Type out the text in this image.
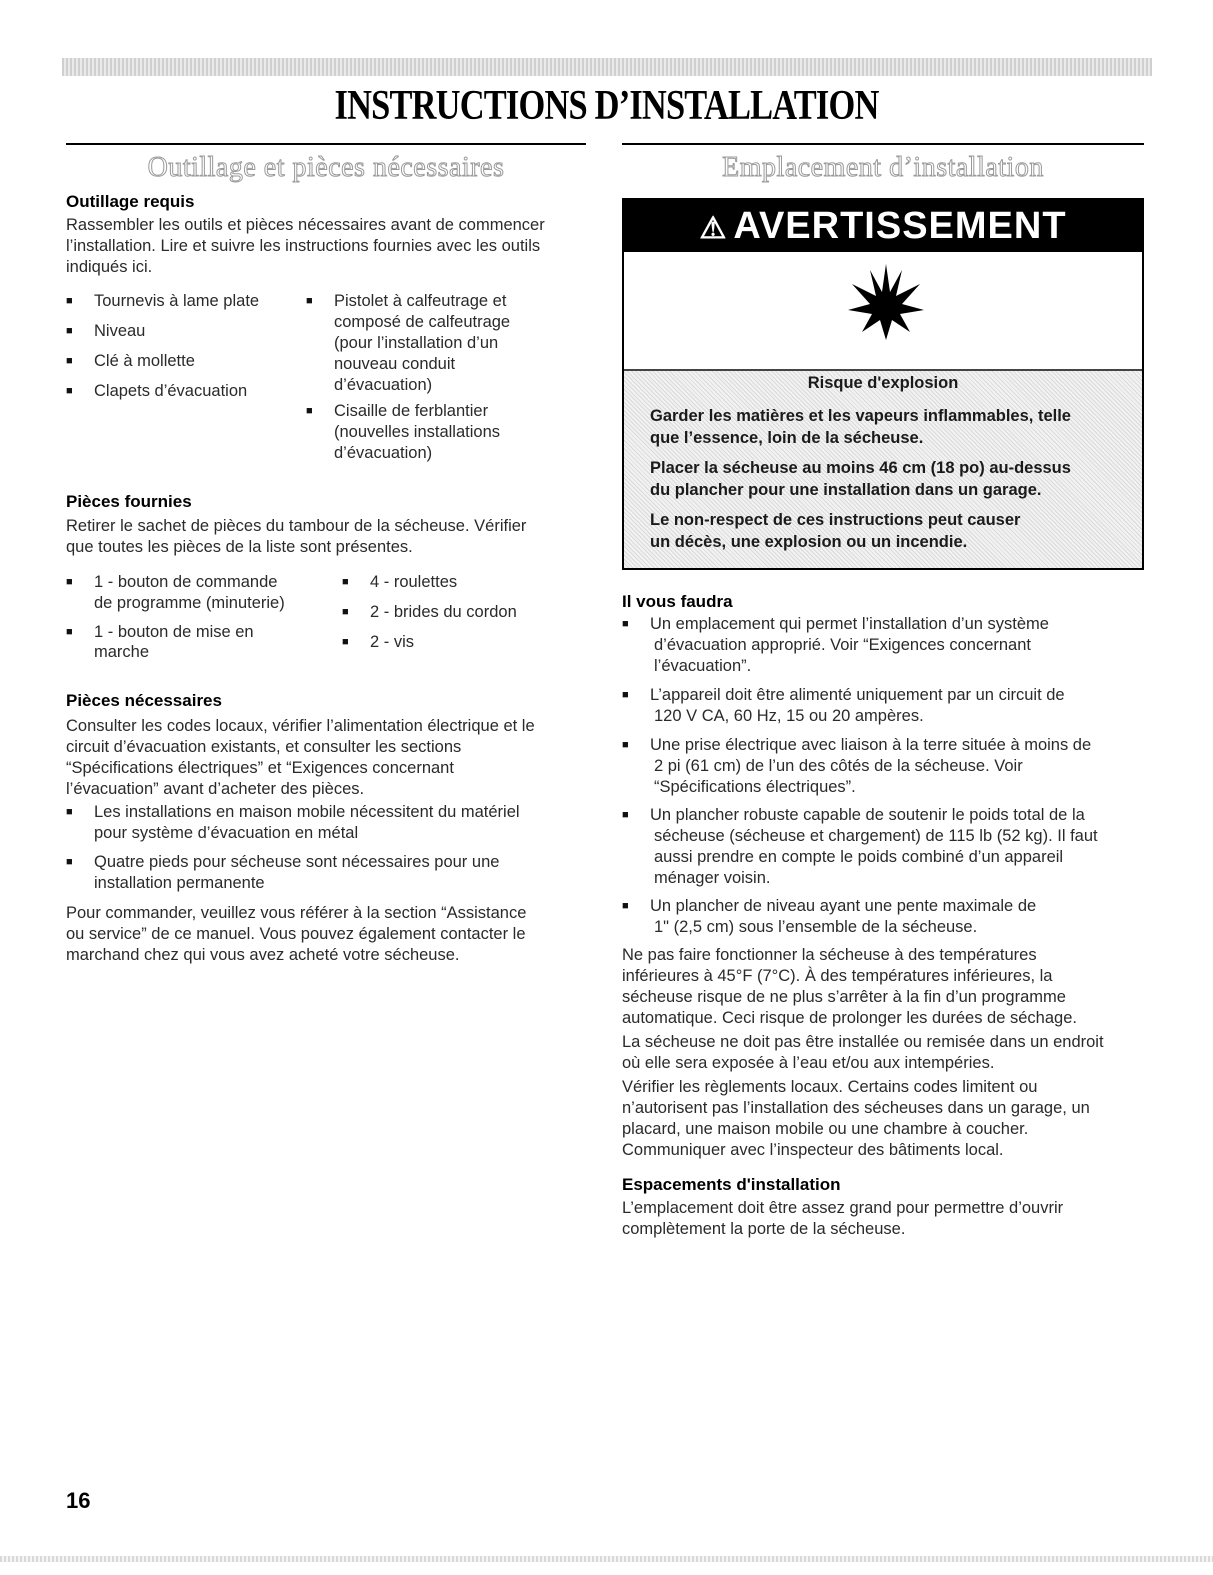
INSTRUCTIONS D’INSTALLATION
Outillage et pièces nécessaires
Outillage requis
Rassembler les outils et pièces nécessaires avant de commencer
l’installation. Lire et suivre les instructions fournies avec les outils
indiqués ici.
■ Tournevis à lame plate
■ Niveau
■ Clé à mollette
■ Clapets d’évacuation
■ Pistolet à calfeutrage et
composé de calfeutrage
(pour l’installation d’un
nouveau conduit
d’évacuation)
■ Cisaille de ferblantier
(nouvelles installations
d’évacuation)
Pièces fournies
Retirer le sachet de pièces du tambour de la sécheuse. Vérifier
que toutes les pièces de la liste sont présentes.
■ 1 - bouton de commande
de programme (minuterie)
■ 1 - bouton de mise en
marche
■ 4 - roulettes
■ 2 - brides du cordon
■ 2 - vis
Pièces nécessaires
Consulter les codes locaux, vérifier l’alimentation électrique et le
circuit d’évacuation existants, et consulter les sections
“Spécifications électriques” et “Exigences concernant
l’évacuation” avant d’acheter des pièces.
■ Les installations en maison mobile nécessitent du matériel
pour système d’évacuation en métal
■ Quatre pieds pour sécheuse sont nécessaires pour une
installation permanente
Pour commander, veuillez vous référer à la section “Assistance
ou service” de ce manuel. Vous pouvez également contacter le
marchand chez qui vous avez acheté votre sécheuse.
Emplacement d’installation
⚠ AVERTISSEMENT
Risque d'explosion
Garder les matières et les vapeurs inflammables, telle
que l’essence, loin de la sécheuse.
Placer la sécheuse au moins 46 cm (18 po) au-dessus
du plancher pour une installation dans un garage.
Le non-respect de ces instructions peut causer
un décès, une explosion ou un incendie.
Il vous faudra
■ Un emplacement qui permet l’installation d’un système
d’évacuation approprié. Voir “Exigences concernant
l’évacuation”.
■ L’appareil doit être alimenté uniquement par un circuit de
120 V CA, 60 Hz, 15 ou 20 ampères.
■ Une prise électrique avec liaison à la terre située à moins de
2 pi (61 cm) de l’un des côtés de la sécheuse. Voir
“Spécifications électriques”.
■ Un plancher robuste capable de soutenir le poids total de la
sécheuse (sécheuse et chargement) de 115 lb (52 kg). Il faut
aussi prendre en compte le poids combiné d’un appareil
ménager voisin.
■ Un plancher de niveau ayant une pente maximale de
1" (2,5 cm) sous l’ensemble de la sécheuse.
Ne pas faire fonctionner la sécheuse à des températures
inférieures à 45°F (7°C). À des températures inférieures, la
sécheuse risque de ne plus s’arrêter à la fin d’un programme
automatique. Ceci risque de prolonger les durées de séchage.
La sécheuse ne doit pas être installée ou remisée dans un endroit
où elle sera exposée à l’eau et/ou aux intempéries.
Vérifier les règlements locaux. Certains codes limitent ou
n’autorisent pas l’installation des sécheuses dans un garage, un
placard, une maison mobile ou une chambre à coucher.
Communiquer avec l’inspecteur des bâtiments local.
Espacements d'installation
L’emplacement doit être assez grand pour permettre d’ouvrir
complètement la porte de la sécheuse.
16
